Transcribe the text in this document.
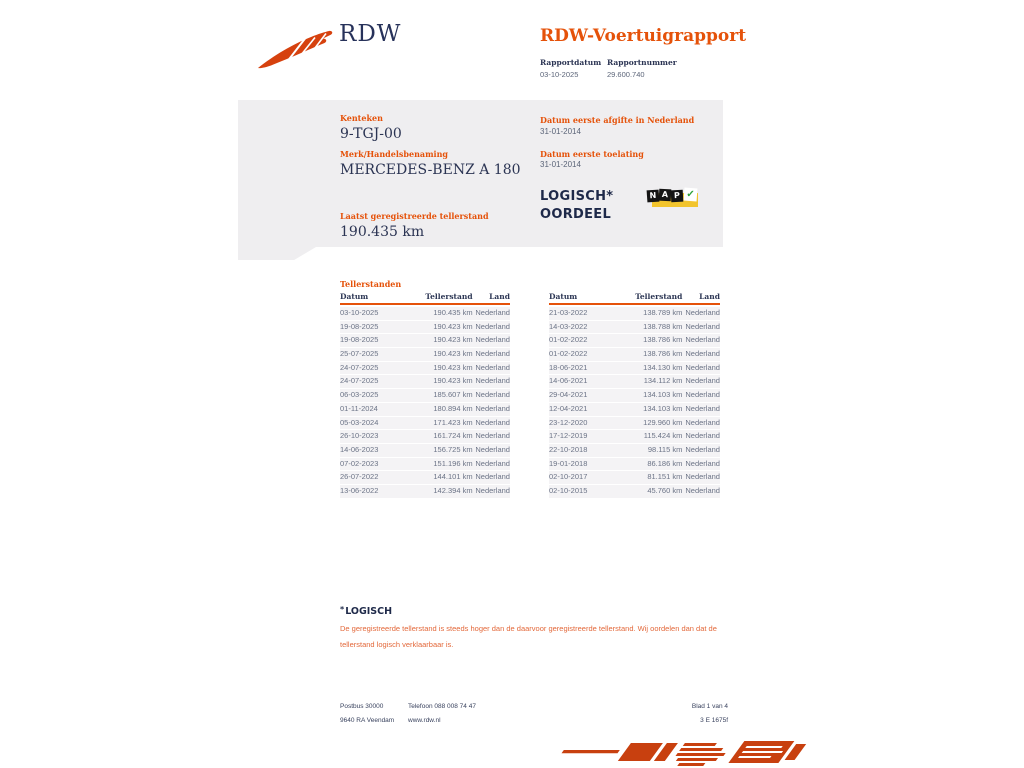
RDW	RDW-Voertuigrapport
Rapportdatum
03-10-2025
Rapportnummer
29.600.740
Kenteken
9-TGJ-00
Merk/Handelsbenaming
MERCEDES-BENZ A 180
Laatst geregistreerde tellerstand
190.435 km
Datum eerste afgifte in Nederland
31-01-2014
Datum eerste toelating
31-01-2014
LOGISCH*
OORDEEL
N A P ✓
Tellerstanden
Datum	Tellerstand	Land
03-10-2025	190.435 km Nederland
19-08-2025	190.423 km Nederland
19-08-2025	190.423 km Nederland
25-07-2025	190.423 km Nederland
24-07-2025	190.423 km Nederland
24-07-2025	190.423 km Nederland
06-03-2025	185.607 km Nederland
01-11-2024	180.894 km Nederland
05-03-2024	171.423 km Nederland
26-10-2023	161.724 km Nederland
14-06-2023	156.725 km Nederland
07-02-2023	151.196 km Nederland
26-07-2022	144.101 km Nederland
13-06-2022	142.394 km Nederland
Datum	Tellerstand	Land
21-03-2022	138.789 km Nederland
14-03-2022	138.788 km Nederland
01-02-2022	138.786 km Nederland
01-02-2022	138.786 km Nederland
18-06-2021	134.130 km Nederland
14-06-2021	134.112 km Nederland
29-04-2021	134.103 km Nederland
12-04-2021	134.103 km Nederland
23-12-2020	129.960 km Nederland
17-12-2019	115.424 km Nederland
22-10-2018	98.115 km Nederland
19-01-2018	86.186 km Nederland
02-10-2017	81.151 km Nederland
02-10-2015	45.760 km Nederland
*LOGISCH
De geregistreerde tellerstand is steeds hoger dan de daarvoor geregistreerde tellerstand. Wij oordelen dan dat de tellerstand logisch verklaarbaar is.
Postbus 30000
9640 RA Veendam
Telefoon 088 008 74 47
www.rdw.nl
Blad 1 van 4
3 E 1675f
